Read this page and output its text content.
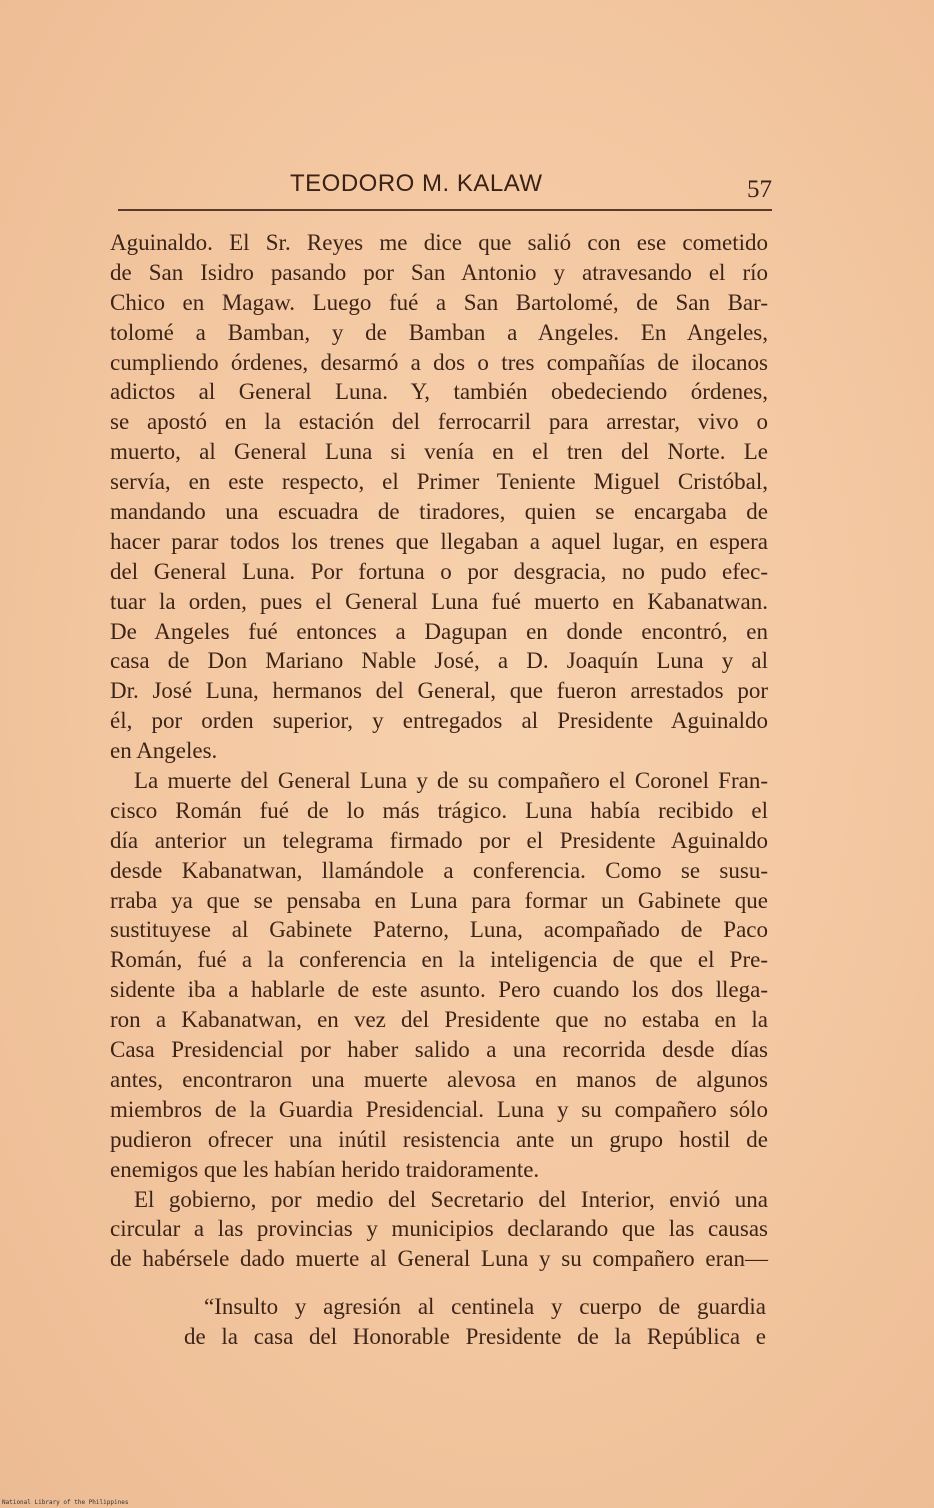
TEODORO M. KALAW	57
Aguinaldo. El Sr. Reyes me dice que salió con ese cometido
de San Isidro pasando por San Antonio y atravesando el río
Chico en Magaw. Luego fué a San Bartolomé, de San Bar-
tolomé a Bamban, y de Bamban a Angeles. En Angeles,
cumpliendo órdenes, desarmó a dos o tres compañías de ilocanos
adictos al General Luna. Y, también obedeciendo órdenes,
se apostó en la estación del ferrocarril para arrestar, vivo o
muerto, al General Luna si venía en el tren del Norte. Le
servía, en este respecto, el Primer Teniente Miguel Cristóbal,
mandando una escuadra de tiradores, quien se encargaba de
hacer parar todos los trenes que llegaban a aquel lugar, en espera
del General Luna. Por fortuna o por desgracia, no pudo efec-
tuar la orden, pues el General Luna fué muerto en Kabanatwan.
De Angeles fué entonces a Dagupan en donde encontró, en
casa de Don Mariano Nable José, a D. Joaquín Luna y al
Dr. José Luna, hermanos del General, que fueron arrestados por
él, por orden superior, y entregados al Presidente Aguinaldo
en Angeles.
La muerte del General Luna y de su compañero el Coronel Fran-
cisco Román fué de lo más trágico. Luna había recibido el
día anterior un telegrama firmado por el Presidente Aguinaldo
desde Kabanatwan, llamándole a conferencia. Como se susu-
rraba ya que se pensaba en Luna para formar un Gabinete que
sustituyese al Gabinete Paterno, Luna, acompañado de Paco
Román, fué a la conferencia en la inteligencia de que el Pre-
sidente iba a hablarle de este asunto. Pero cuando los dos llega-
ron a Kabanatwan, en vez del Presidente que no estaba en la
Casa Presidencial por haber salido a una recorrida desde días
antes, encontraron una muerte alevosa en manos de algunos
miembros de la Guardia Presidencial. Luna y su compañero sólo
pudieron ofrecer una inútil resistencia ante un grupo hostil de
enemigos que les habían herido traidoramente.
El gobierno, por medio del Secretario del Interior, envió una
circular a las provincias y municipios declarando que las causas
de habérsele dado muerte al General Luna y su compañero eran—
“Insulto y agresión al centinela y cuerpo de guardia
de la casa del Honorable Presidente de la República e
National Library of the Philippines
